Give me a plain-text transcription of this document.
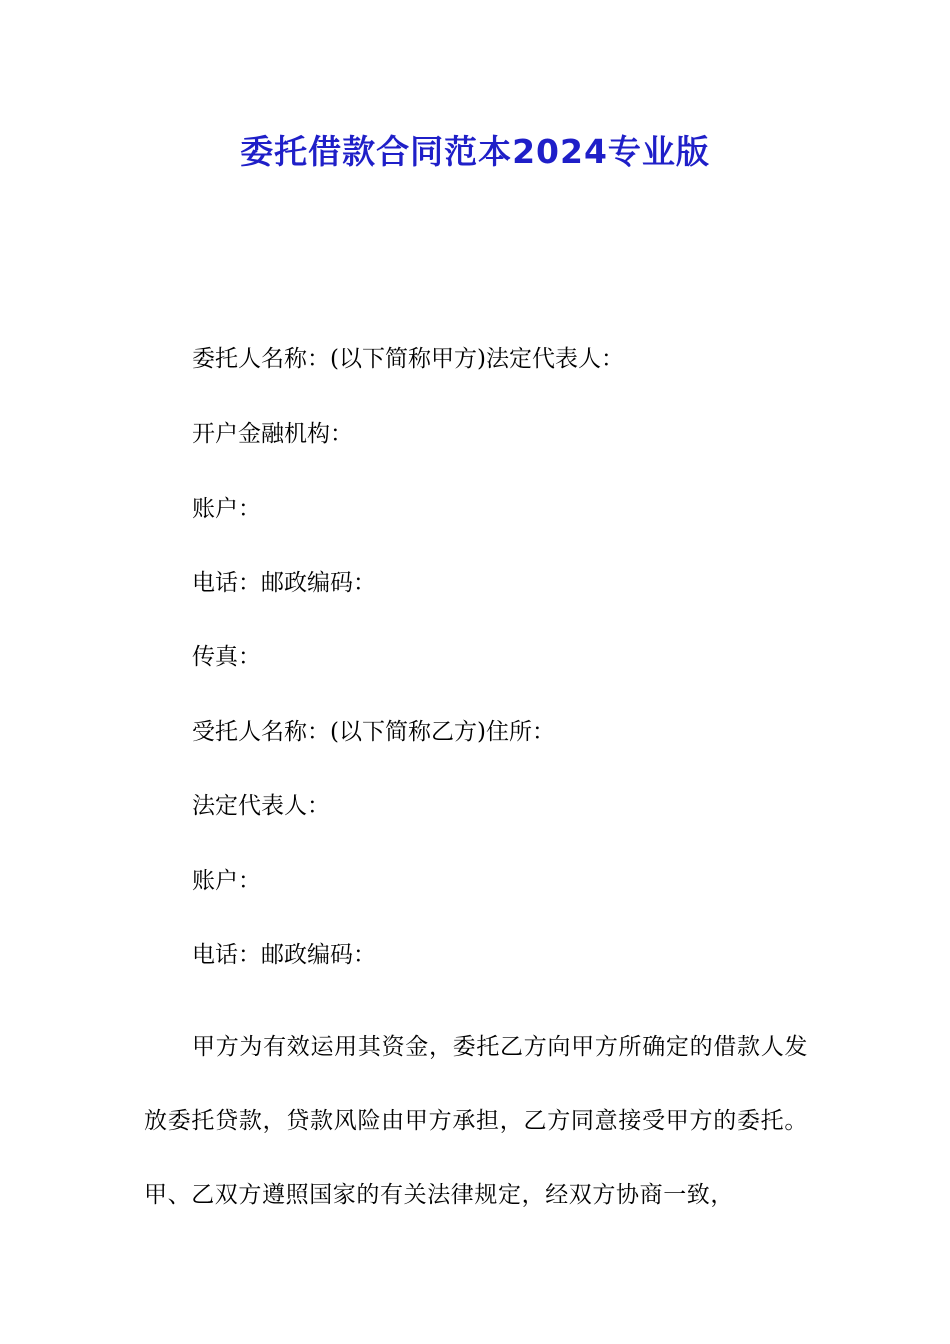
委托借款合同范本2024专业版

委托人名称：(以下简称甲方)法定代表人：

开户金融机构：

账户：

电话：邮政编码：

传真：

受托人名称：(以下简称乙方)住所：

法定代表人：

账户：

电话：邮政编码：

甲方为有效运用其资金，委托乙方向甲方所确定的借款人发放委托贷款，贷款风险由甲方承担，乙方同意接受甲方的委托。甲、乙双方遵照国家的有关法律规定，经双方协商一致，
